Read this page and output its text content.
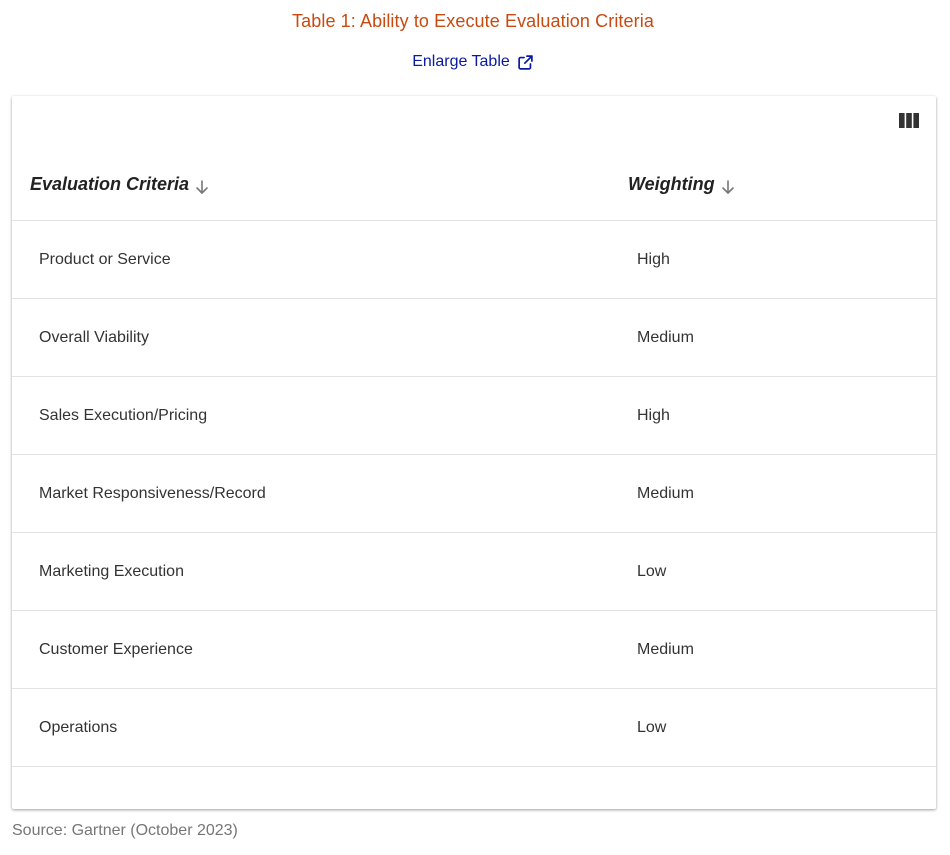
Table 1: Ability to Execute Evaluation Criteria
Enlarge Table
Evaluation Criteria	Weighting
Product or Service	High
Overall Viability	Medium
Sales Execution/Pricing	High
Market Responsiveness/Record	Medium
Marketing Execution	Low
Customer Experience	Medium
Operations	Low
Source: Gartner (October 2023)
